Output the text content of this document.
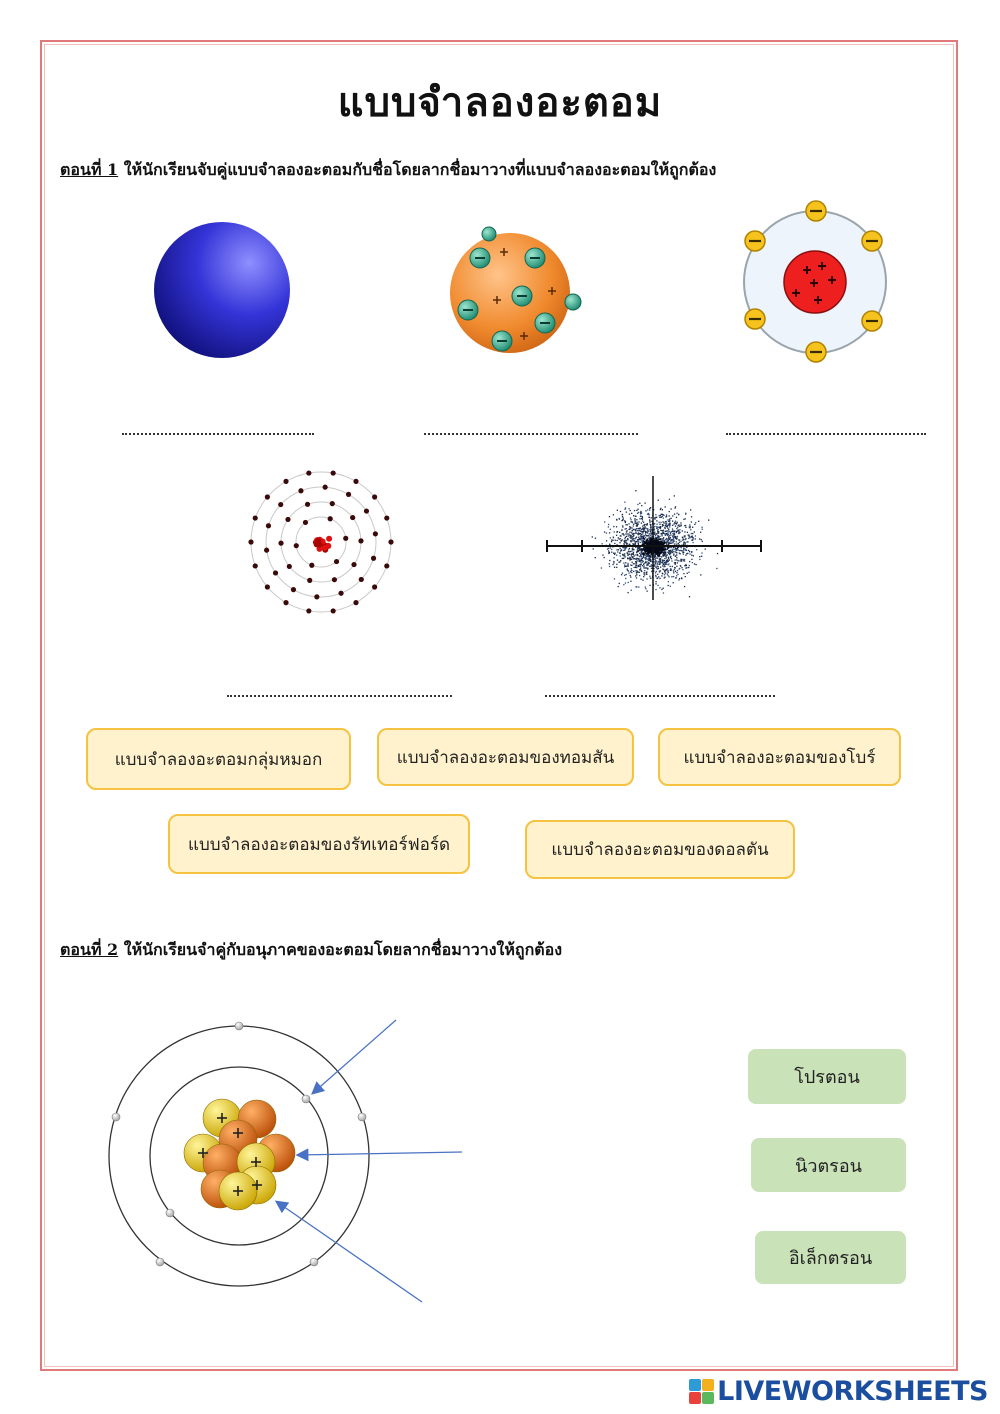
แบบจำลองอะตอม
ตอนที่ 1 ให้นักเรียนจับคู่แบบจำลองอะตอมกับชื่อโดยลากชื่อมาวางที่แบบจำลองอะตอมให้ถูกต้อง
แบบจำลองอะตอมกลุ่มหมอก	แบบจำลองอะตอมของทอมสัน	แบบจำลองอะตอมของโบร์
แบบจำลองอะตอมของรัทเทอร์ฟอร์ด	แบบจำลองอะตอมของดอลตัน
ตอนที่ 2 ให้นักเรียนจำคู่กับอนุภาคของอะตอมโดยลากชื่อมาวางให้ถูกต้อง
โปรตอน
นิวตรอน
อิเล็กตรอน
LIVEWORKSHEETS
